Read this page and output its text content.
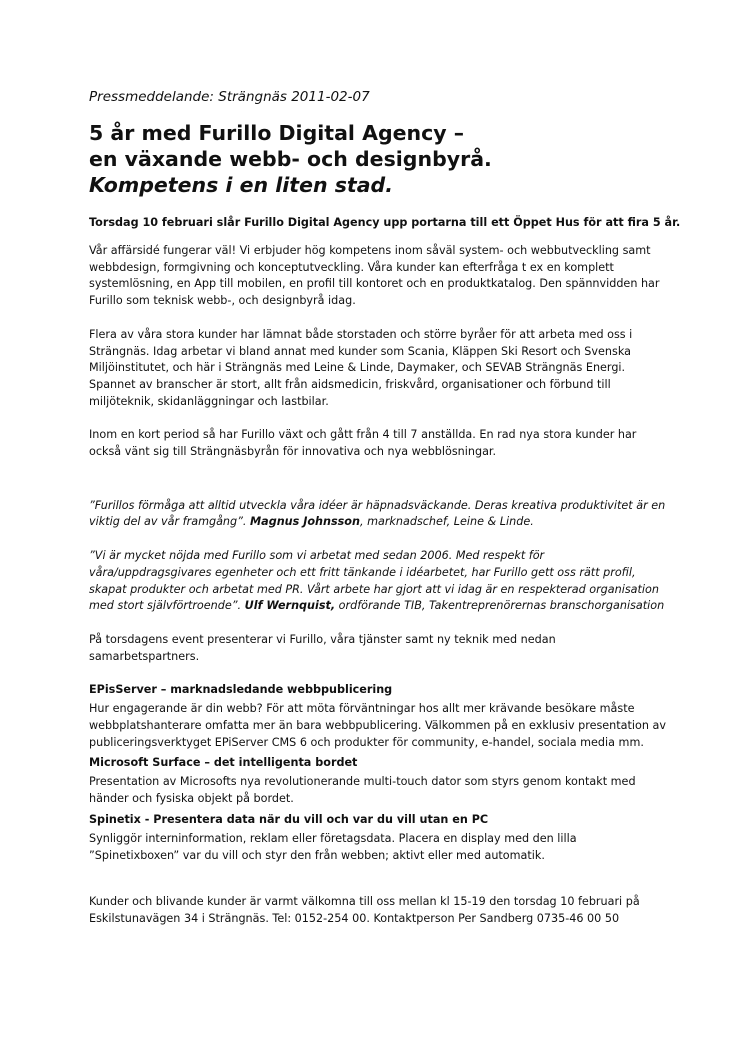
Pressmeddelande: Strängnäs 2011-02-07
5 år med Furillo Digital Agency –
en växande webb- och designbyrå.
Kompetens i en liten stad.
Torsdag 10 februari slår Furillo Digital Agency upp portarna till ett Öppet Hus för att fira 5 år.

Vår affärsidé fungerar väl! Vi erbjuder hög kompetens inom såväl system- och webbutveckling samt webbdesign, formgivning och konceptutveckling. Våra kunder kan efterfråga t ex en komplett systemlösning, en App till mobilen, en profil till kontoret och en produktkatalog. Den spännvidden har Furillo som teknisk webb-, och designbyrå idag.

Flera av våra stora kunder har lämnat både storstaden och större byråer för att arbeta med oss i Strängnäs. Idag arbetar vi bland annat med kunder som Scania, Kläppen Ski Resort och Svenska Miljöinstitutet, och här i Strängnäs med Leine & Linde, Daymaker, och SEVAB Strängnäs Energi. Spannet av branscher är stort, allt från aidsmedicin, friskvård, organisationer och förbund till miljöteknik, skidanläggningar och lastbilar.

Inom en kort period så har Furillo växt och gått från 4 till 7 anställda. En rad nya stora kunder har också vänt sig till Strängnäsbyrån för innovativa och nya webblösningar.

”Furillos förmåga att alltid utveckla våra idéer är häpnadsväckande. Deras kreativa produktivitet är en viktig del av vår framgång”. Magnus Johnsson, marknadschef, Leine & Linde.

”Vi är mycket nöjda med Furillo som vi arbetat med sedan 2006. Med respekt för våra/uppdragsgivares egenheter och ett fritt tänkande i idéarbetet, har Furillo gett oss rätt profil, skapat produkter och arbetat med PR. Vårt arbete har gjort att vi idag är en respekterad organisation med stort självförtroende”. Ulf Wernquist, ordförande TIB, Takentreprenörernas branschorganisation

På torsdagens event presenterar vi Furillo, våra tjänster samt ny teknik med nedan samarbetspartners.

EPisServer – marknadsledande webbpublicering

Hur engagerande är din webb? För att möta förväntningar hos allt mer krävande besökare måste webbplatshanterare omfatta mer än bara webbpublicering. Välkommen på en exklusiv presentation av publiceringsverktyget EPiServer CMS 6 och produkter för community, e-handel, sociala media mm.

Microsoft Surface – det intelligenta bordet

Presentation av Microsofts nya revolutionerande multi-touch dator som styrs genom kontakt med händer och fysiska objekt på bordet.

Spinetix - Presentera data när du vill och var du vill utan en PC

Synliggör interninformation, reklam eller företagsdata. Placera en display med den lilla ”Spinetixboxen” var du vill och styr den från webben; aktivt eller med automatik.

Kunder och blivande kunder är varmt välkomna till oss mellan kl 15-19 den torsdag 10 februari på Eskilstunavägen 34 i Strängnäs. Tel: 0152-254 00. Kontaktperson Per Sandberg 0735-46 00 50
